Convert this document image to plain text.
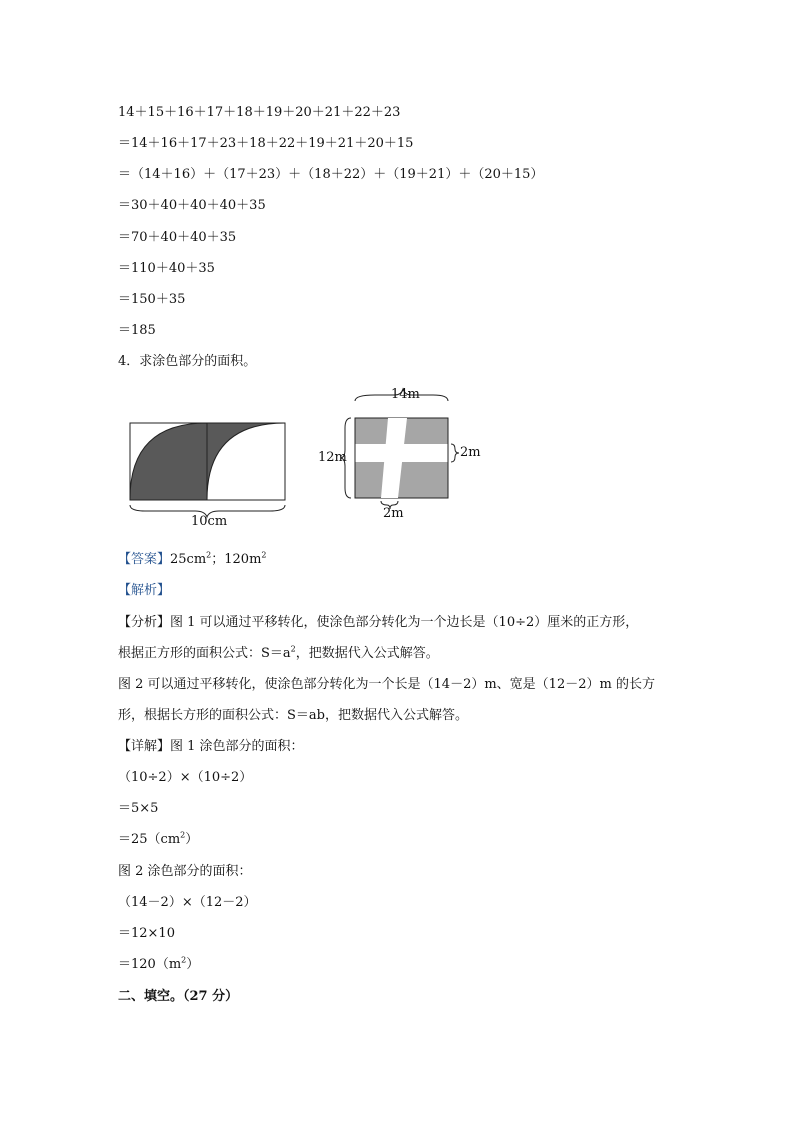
14＋15＋16＋17＋18＋19＋20＋21＋22＋23
＝14＋16＋17＋23＋18＋22＋19＋21＋20＋15
＝（14＋16）＋（17＋23）＋（18＋22）＋（19＋21）＋（20＋15）
＝30＋40＋40＋40＋35
＝70＋40＋40＋35
＝110＋40＋35
＝150＋35
＝185
4．求涂色部分的面积。
10cm
14m
12m	2m
2m
【答案】$25cm^2$；$120m^2$
【解析】
【分析】图 1 可以通过平移转化，使涂色部分转化为一个边长是（10÷2）厘米的正方形，
根据正方形的面积公式：$S=a^2$，把数据代入公式解答。
图 2 可以通过平移转化，使涂色部分转化为一个长是（14－2）m、宽是（12－2）m 的长方
形，根据长方形的面积公式：S＝ab，把数据代入公式解答。
【详解】图 1 涂色部分的面积：
（10÷2）×（10÷2）
＝5×5
$=25(cm^2)$
图 2 涂色部分的面积：
（14－2）×（12－2）
＝12×10
$=120(m^2)$
二、填空。（27 分）
